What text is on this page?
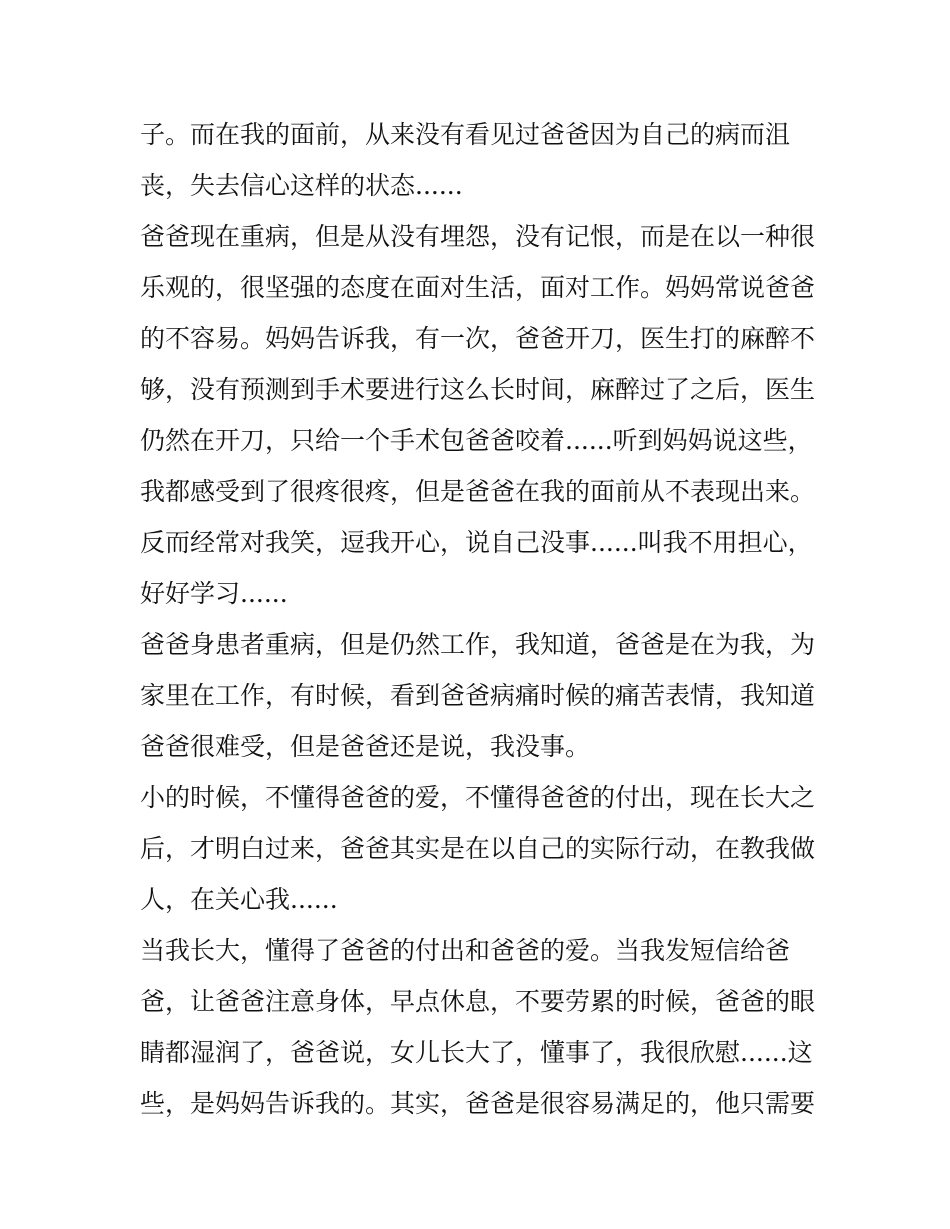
子。而在我的面前，从来没有看见过爸爸因为自己的病而沮
丧，失去信心这样的状态......
爸爸现在重病，但是从没有埋怨，没有记恨，而是在以一种很
乐观的，很坚强的态度在面对生活，面对工作。妈妈常说爸爸
的不容易。妈妈告诉我，有一次，爸爸开刀，医生打的麻醉不
够，没有预测到手术要进行这么长时间，麻醉过了之后，医生
仍然在开刀，只给一个手术包爸爸咬着......听到妈妈说这些，
我都感受到了很疼很疼，但是爸爸在我的面前从不表现出来。
反而经常对我笑，逗我开心，说自己没事......叫我不用担心，
好好学习......
爸爸身患者重病，但是仍然工作，我知道，爸爸是在为我，为
家里在工作，有时候，看到爸爸病痛时候的痛苦表情，我知道
爸爸很难受，但是爸爸还是说，我没事。
小的时候，不懂得爸爸的爱，不懂得爸爸的付出，现在长大之
后，才明白过来，爸爸其实是在以自己的实际行动，在教我做
人，在关心我......
当我长大，懂得了爸爸的付出和爸爸的爱。当我发短信给爸
爸，让爸爸注意身体，早点休息，不要劳累的时候，爸爸的眼
睛都湿润了，爸爸说，女儿长大了，懂事了，我很欣慰......这
些，是妈妈告诉我的。其实，爸爸是很容易满足的，他只需要
